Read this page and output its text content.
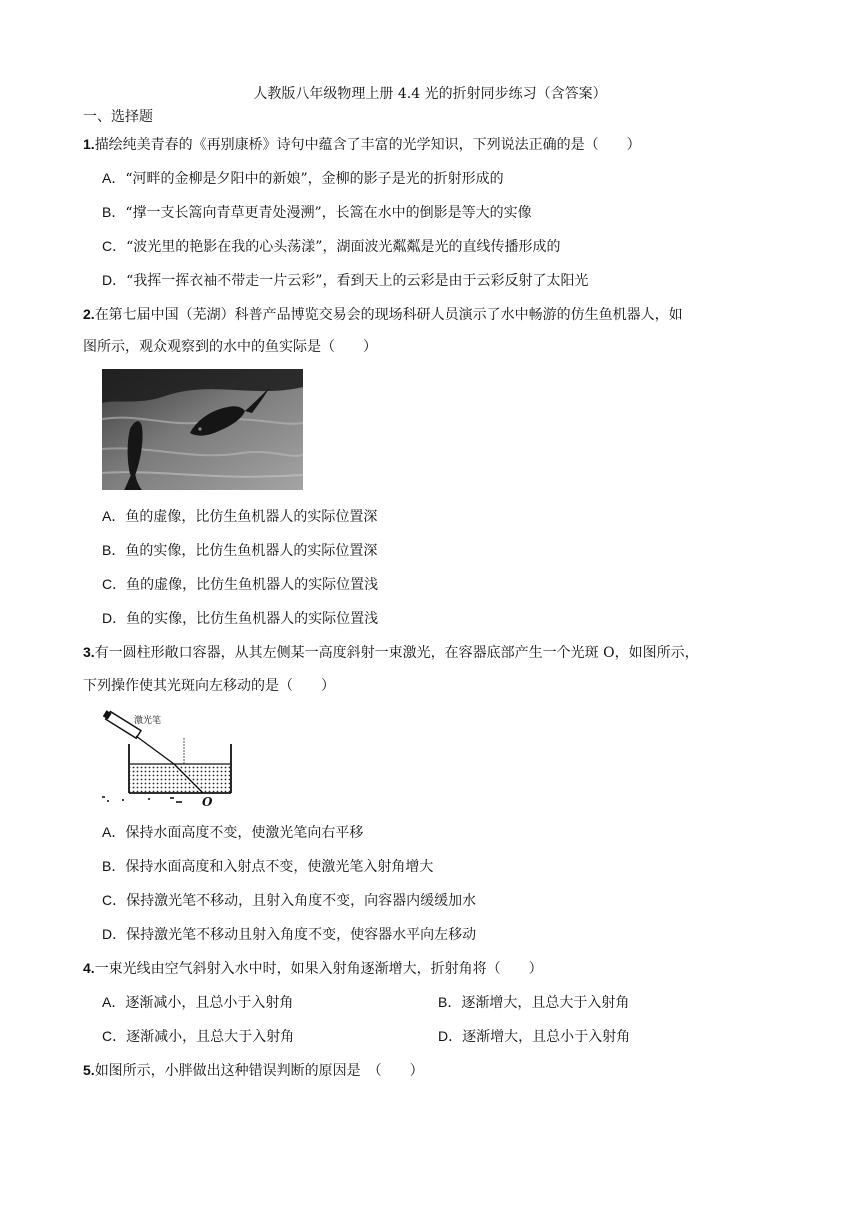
人教版八年级物理上册 4.4 光的折射同步练习（含答案）
一、选择题
1.描绘纯美青春的《再别康桥》诗句中蕴含了丰富的光学知识，下列说法正确的是（　　）
A．“河畔的金柳是夕阳中的新娘”，金柳的影子是光的折射形成的
B．“撑一支长篙向青草更青处漫溯”，长篙在水中的倒影是等大的实像
C．“波光里的艳影在我的心头荡漾”，湖面波光粼粼是光的直线传播形成的
D．“我挥一挥衣袖不带走一片云彩”，看到天上的云彩是由于云彩反射了太阳光
2.在第七届中国（芜湖）科普产品博览交易会的现场科研人员演示了水中畅游的仿生鱼机器人，如
图所示，观众观察到的水中的鱼实际是（　　）
A．鱼的虚像，比仿生鱼机器人的实际位置深
B．鱼的实像，比仿生鱼机器人的实际位置深
C．鱼的虚像，比仿生鱼机器人的实际位置浅
D．鱼的实像，比仿生鱼机器人的实际位置浅
3.有一圆柱形敞口容器，从其左侧某一高度斜射一束激光，在容器底部产生一个光斑 O，如图所示，
下列操作使其光斑向左移动的是（　　）
激光笔
O
A．保持水面高度不变，使激光笔向右平移
B．保持水面高度和入射点不变，使激光笔入射角增大
C．保持激光笔不移动，且射入角度不变，向容器内缓缓加水
D．保持激光笔不移动且射入角度不变，使容器水平向左移动
4.一束光线由空气斜射入水中时，如果入射角逐渐增大，折射角将（　　）
A．逐渐减小，且总小于入射角	B．逐渐增大，且总大于入射角
C．逐渐减小，且总大于入射角	D．逐渐增大，且总小于入射角
5.如图所示，小胖做出这种错误判断的原因是　（　　）
